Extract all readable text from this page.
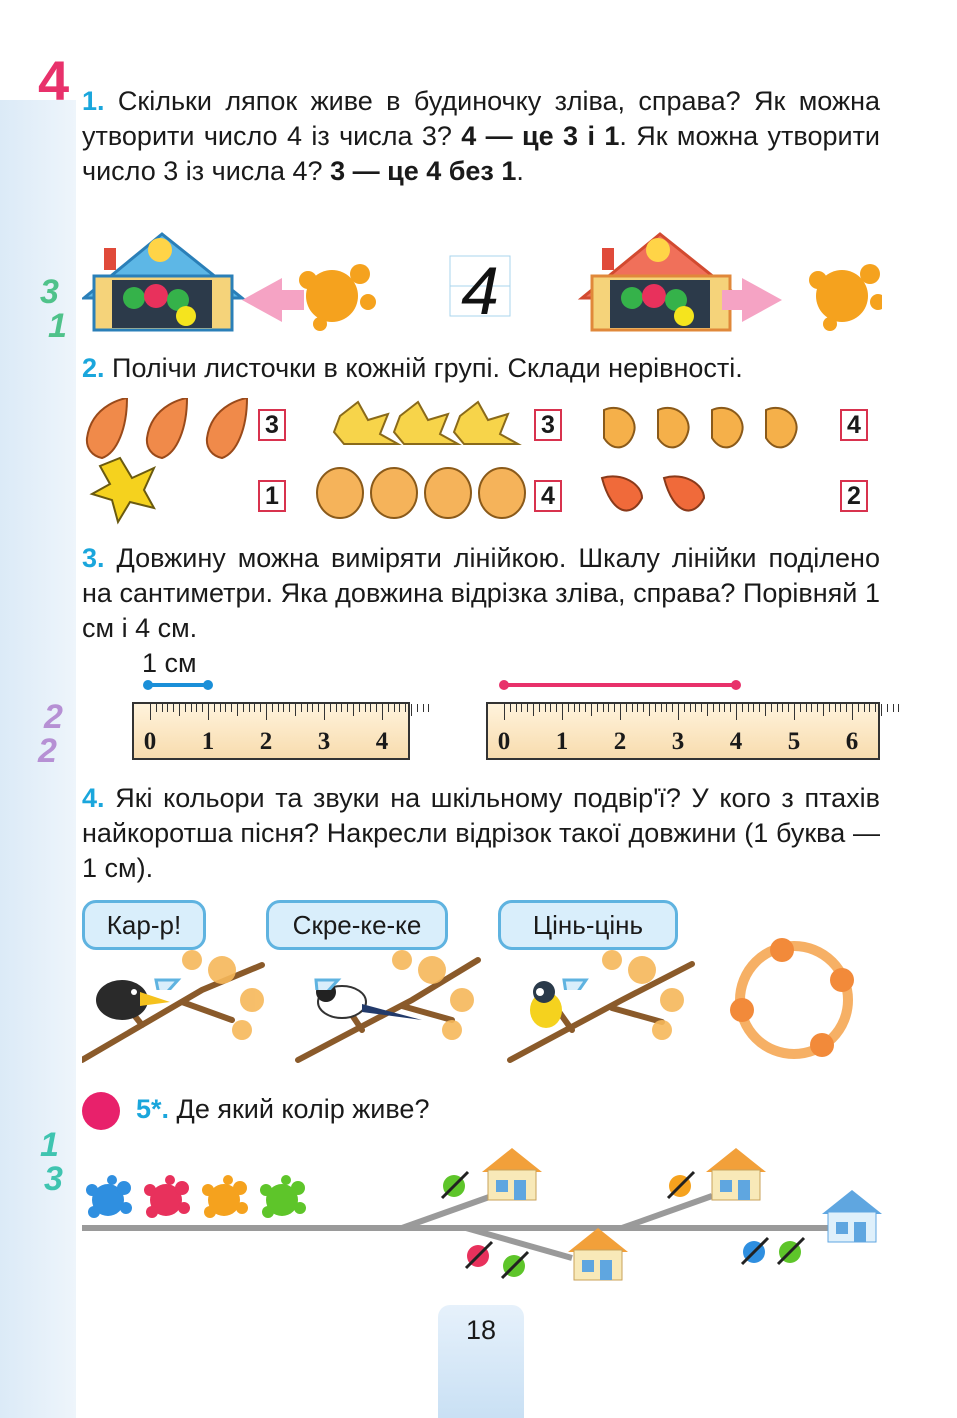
4
3
1
2
2
1
3
1. Скільки ляпок живе в будиночку зліва, справа? Як можна утворити число 4 із числа 3? 4 — це 3 і 1. Як можна утворити число 3 із числа 4? 3 — це 4 без 1.
4
2. Полічи листочки в кожній групі. Склади нерівності.
3
1
3
4
4
2
3. Довжину можна виміряти лінійкою. Шкалу лінійки поділено на сантиметри. Яка довжина відрізка зліва, справа? Порівняй 1 см і 4 см.
1 см
0 1 2 3 4	0 1 2 3 4 5 6
4. Які кольори та звуки на шкільному подвір'ї? У кого з птахів найкоротша пісня? Накресли відрізок такої довжини (1 буква — 1 см).
Кар-р!	Скре-ке-ке	Цінь-цінь
5*. Де який колір живе?
18
